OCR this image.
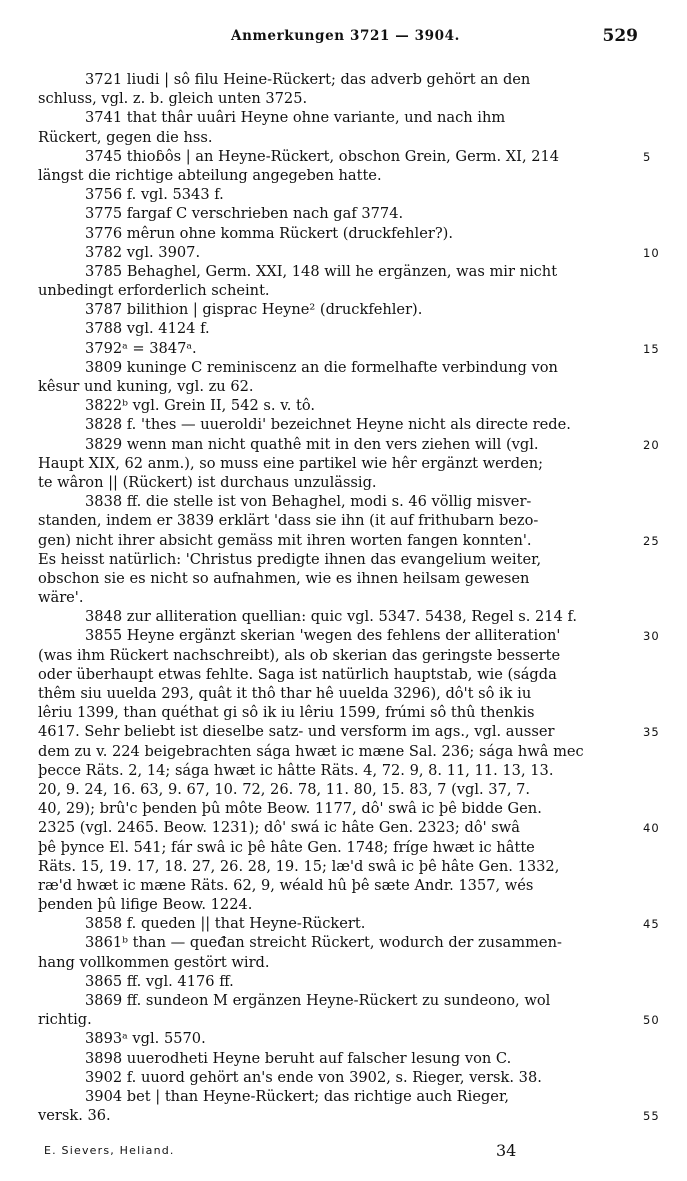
Anmerkungen 3721 — 3904.	529
3721 liudi | sô filu Heine-Rückert; das adverb gehört an den
schluss, vgl. z. b. gleich unten 3725.
3741 that thâr uuâri Heyne ohne variante, und nach ihm
Rückert, gegen die hss.
3745 thioɓôs | an Heyne-Rückert, obschon Grein, Germ. XI, 214	5
längst die richtige abteilung angegeben hatte.
3756 f. vgl. 5343 f.
3775 fargaf C verschrieben nach gaf 3774.
3776 mêrun ohne komma Rückert (druckfehler?).
3782 vgl. 3907.	10
3785 Behaghel, Germ. XXI, 148 will he ergänzen, was mir nicht
unbedingt erforderlich scheint.
3787 bilithion | gisprac Heyne² (druckfehler).
3788 vgl. 4124 f.
3792ᵃ = 3847ᵃ.	15
3809 kuninge C reminiscenz an die formelhafte verbindung von
kêsur und kuning, vgl. zu 62.
3822ᵇ vgl. Grein II, 542 s. v. tô.
3828 f. 'thes — uueroldi' bezeichnet Heyne nicht als directe rede.
3829 wenn man nicht quathê mit in den vers ziehen will (vgl.	20
Haupt XIX, 62 anm.), so muss eine partikel wie hêr ergänzt werden;
te wâron || (Rückert) ist durchaus unzulässig.
3838 ff. die stelle ist von Behaghel, modi s. 46 völlig misver-
standen, indem er 3839 erklärt 'dass sie ihn (it auf frithubarn bezo-
gen) nicht ihrer absicht gemäss mit ihren worten fangen konnten'.	25
Es heisst natürlich: 'Christus predigte ihnen das evangelium weiter,
obschon sie es nicht so aufnahmen, wie es ihnen heilsam gewesen
wäre'.
3848 zur alliteration quellian: quic vgl. 5347. 5438, Regel s. 214 f.
3855 Heyne ergänzt skerian 'wegen des fehlens der alliteration'	30
(was ihm Rückert nachschreibt), als ob skerian das geringste besserte
oder überhaupt etwas fehlte. Saga ist natürlich hauptstab, wie (ságda
thêm siu uuelda 293, quât it thô thar hê uuelda 3296), dô't sô ik iu
lêriu 1399, than quéthat gi sô ik iu lêriu 1599, frúmi sô thû thenkis
4617. Sehr beliebt ist dieselbe satz- und versform im ags., vgl. ausser	35
dem zu v. 224 beigebrachten ságа hwæt ic mæne Sal. 236; sága hwâ mec
þecce Räts. 2, 14; sága hwæt ic hâtte Räts. 4, 72. 9, 8. 11, 11. 13, 13.
20, 9. 24, 16. 63, 9. 67, 10. 72, 26. 78, 11. 80, 15. 83, 7 (vgl. 37, 7.
40, 29); brû'c þenden þû môte Beow. 1177, dô' swâ ic þê bidde Gen.
2325 (vgl. 2465. Beow. 1231); dô' swá ic hâte Gen. 2323; dô' swâ	40
þê þynce El. 541; fár swâ ic þê hâte Gen. 1748; fríge hwæt ic hâtte
Räts. 15, 19. 17, 18. 27, 26. 28, 19. 15; læ'd swâ ic þê hâte Gen. 1332,
ræ'd hwæt ic mæne Räts. 62, 9, wéald hû þê sæte Andr. 1357, wés
þenden þû lifige Beow. 1224.
3858 f. queden || that Heyne-Rückert.	45
3861ᵇ than — queđan streicht Rückert, wodurch der zusammen-
hang vollkommen gestört wird.
3865 ff. vgl. 4176 ff.
3869 ff. sundeon M ergänzen Heyne-Rückert zu sundeono, wol
richtig.	50
3893ᵃ vgl. 5570.
3898 uuerodheti Heyne beruht auf falscher lesung von C.
3902 f. uuord gehört an's ende von 3902, s. Rieger, versk. 38.
3904 bet | than Heyne-Rückert; das richtige auch Rieger,
versk. 36.	55
E. Sievers, Heliand.	34
